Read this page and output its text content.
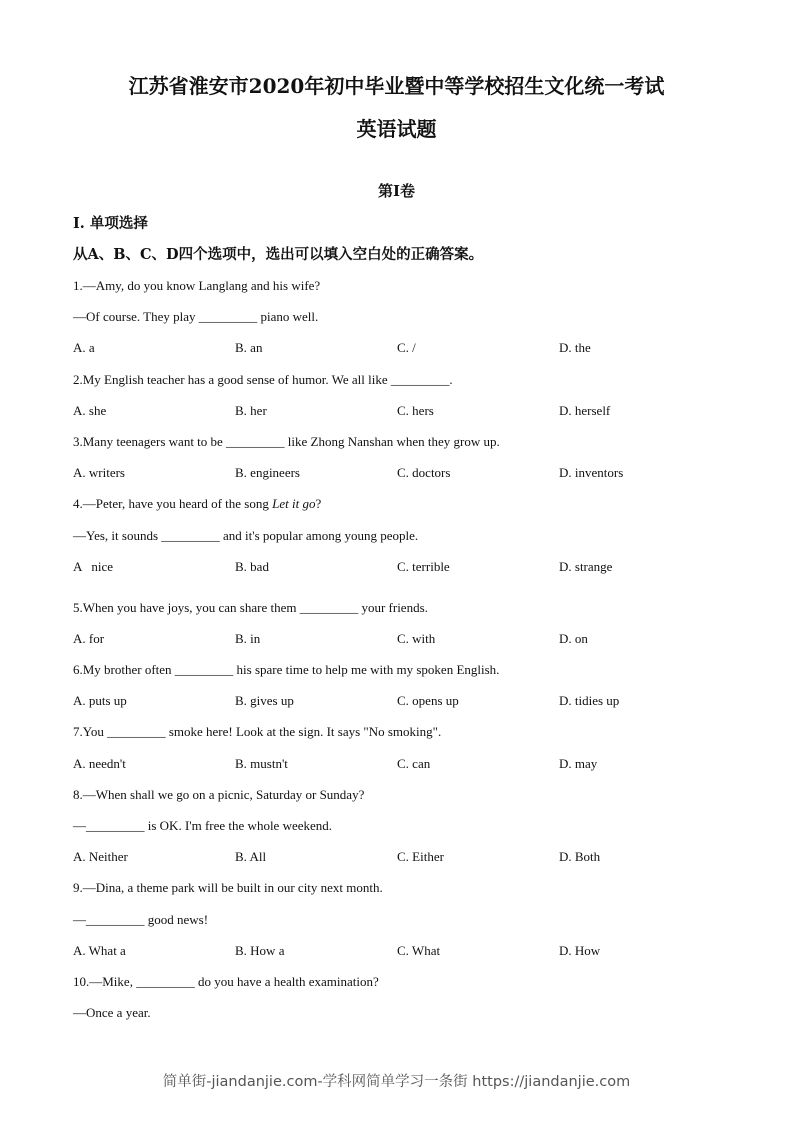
江苏省淮安市2020年初中毕业暨中等学校招生文化统一考试
英语试题
第I卷
I. 单项选择
从A、B、C、D四个选项中，选出可以填入空白处的正确答案。
1.—Amy, do you know Langlang and his wife?
—Of course. They play _________ piano well.
A. a	B. an	C. /	D. the
2.My English teacher has a good sense of humor. We all like _________.
A. she	B. her	C. hers	D. herself
3.Many teenagers want to be _________ like Zhong Nanshan when they grow up.
A. writers	B. engineers	C. doctors	D. inventors
4.—Peter, have you heard of the song Let it go?
—Yes, it sounds _________ and it's popular among young people.
A   nice	B. bad	C. terrible	D. strange
5.When you have joys, you can share them _________ your friends.
A. for	B. in	C. with	D. on
6.My brother often _________ his spare time to help me with my spoken English.
A. puts up	B. gives up	C. opens up	D. tidies up
7.You _________ smoke here! Look at the sign. It says "No smoking".
A. needn't	B. mustn't	C. can	D. may
8.—When shall we go on a picnic, Saturday or Sunday?
—_________ is OK. I'm free the whole weekend.
A. Neither	B. All	C. Either	D. Both
9.—Dina, a theme park will be built in our city next month.
—_________ good news!
A. What a	B. How a	C. What	D. How
10.—Mike, _________ do you have a health examination?
—Once a year.
简单街-jiandanjie.com-学科网简单学习一条街 https://jiandanjie.com
